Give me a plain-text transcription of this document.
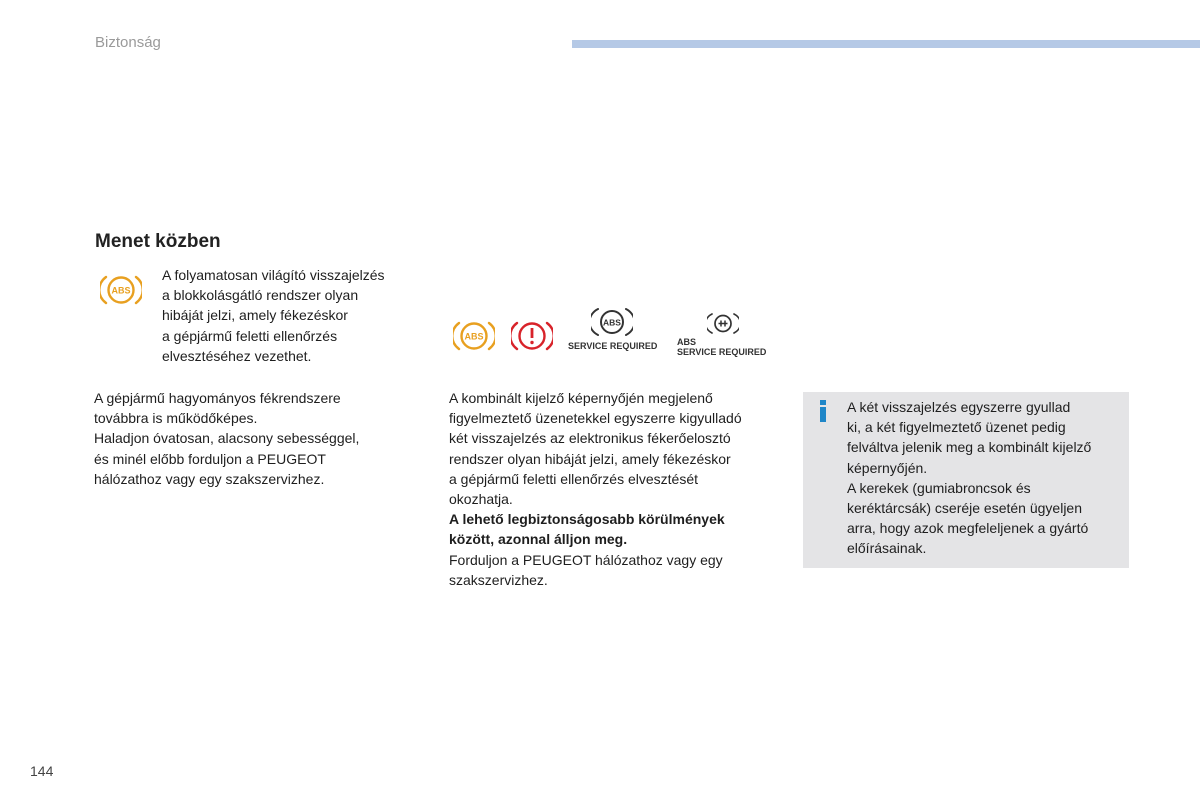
Biztonság
Menet közben
ABS

A folyamatosan világító visszajelzés

a blokkolásgátló rendszer olyan

hibáját jelzi, amely fékezéskor

a gépjármű feletti ellenőrzés

elvesztéséhez vezethet.

A gépjármű hagyományos fékrendszere

továbbra is működőképes.

Haladjon óvatosan, alacsony sebességgel,

és minél előbb forduljon a PEUGEOT

hálózathoz vagy egy szakszervizhez.

ABS
ABS
SERVICE REQUIRED ABS
SERVICE REQUIRED

A kombinált kijelző képernyőjén megjelenő

figyelmeztető üzenetekkel egyszerre kigyulladó

két visszajelzés az elektronikus fékerőelosztó

rendszer olyan hibáját jelzi, amely fékezéskor

a gépjármű feletti ellenőrzés elvesztését

okozhatja.

A lehető legbiztonságosabb körülmények

között, azonnal álljon meg.

Forduljon a PEUGEOT hálózathoz vagy egy

szakszervizhez.

A két visszajelzés egyszerre gyullad

ki, a két figyelmeztető üzenet pedig

felváltva jelenik meg a kombinált kijelző

képernyőjén.

A kerekek (gumiabroncsok és

keréktárcsák) cseréje esetén ügyeljen

arra, hogy azok megfeleljenek a gyártó

előírásainak.

144
